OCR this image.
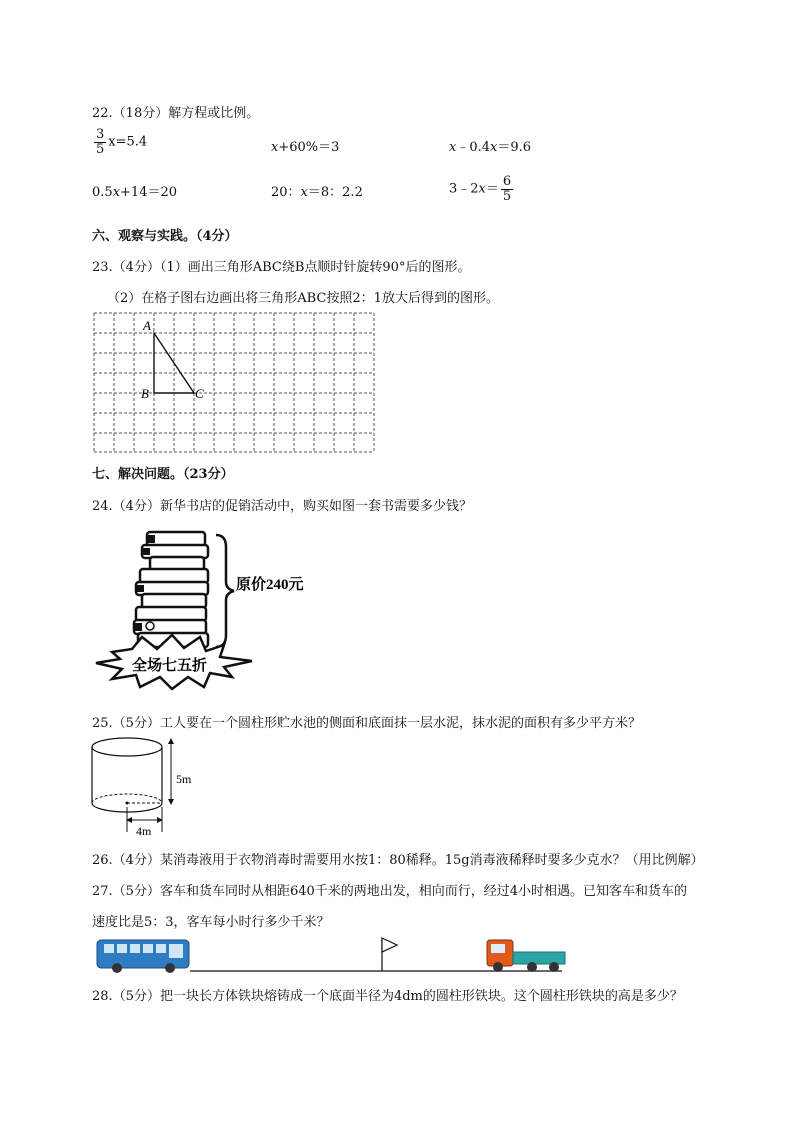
22.（18分）解方程或比例。
$\frac{3}{5} x=5.4$	x+60%＝3	x﹣0.4x＝9.6
0.5x+14＝20	20：x＝8：2.2	3﹣2x＝ $\frac{6}{5}$
六、观察与实践。（4分）
23.（4分）（1）画出三角形ABC绕B点顺时针旋转90°后的图形。
（2）在格子图右边画出将三角形ABC按照2：1放大后得到的图形。
A
B	C
七、解决问题。（23分）
24.（4分）新华书店的促销活动中，购买如图一套书需要多少钱？
原价240元
全场七五折
25.（5分）工人要在一个圆柱形贮水池的侧面和底面抹一层水泥，抹水泥的面积有多少平方米？
5m
4m
26.（4分）某消毒液用于衣物消毒时需要用水按1：80稀释。15g消毒液稀释时要多少克水？（用比例解）
27.（5分）客车和货车同时从相距640千米的两地出发，相向而行，经过4小时相遇。已知客车和货车的
速度比是5：3，客车每小时行多少千米？
28.（5分）把一块长方体铁块熔铸成一个底面半径为4dm的圆柱形铁块。这个圆柱形铁块的高是多少？
